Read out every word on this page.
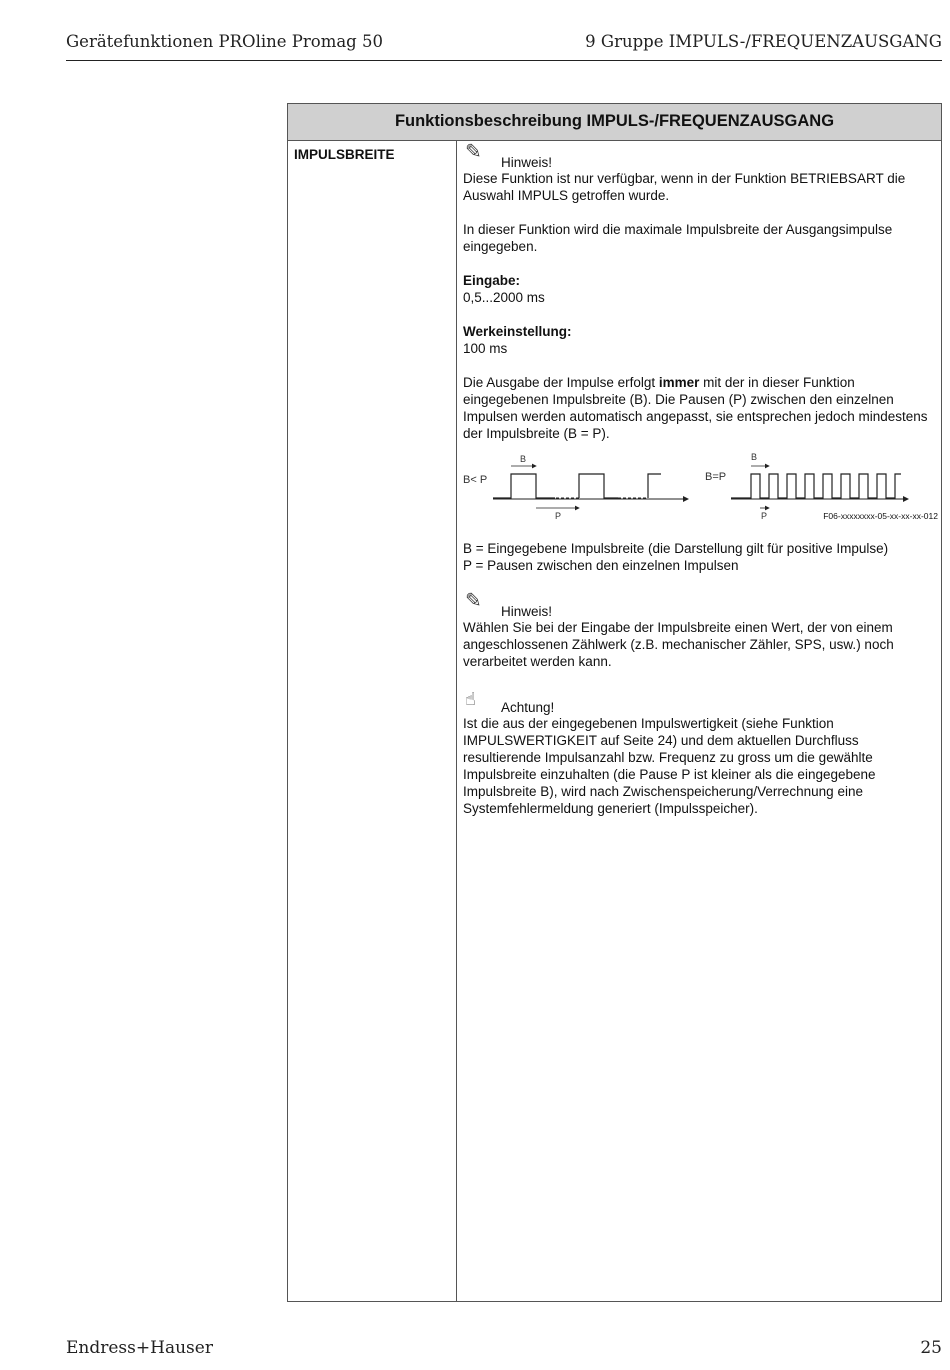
Gerätefunktionen PROline Promag 50	9 Gruppe IMPULS-/FREQUENZAUSGANG
Funktionsbeschreibung IMPULS-/FREQUENZAUSGANG
IMPULSBREITE	✎ Hinweis!

Diese Funktion ist nur verfügbar, wenn in der Funktion BETRIEBSART die Auswahl IMPULS getroffen wurde.

In dieser Funktion wird die maximale Impulsbreite der Ausgangsimpulse eingegeben.

Eingabe:

0,5...2000 ms

Werkeinstellung:

100 ms

Die Ausgabe der Impulse erfolgt immer mit der in dieser Funktion eingegebenen Impulsbreite (B). Die Pausen (P) zwischen den einzelnen Impulsen werden automatisch angepasst, sie entsprechen jedoch mindestens der Impulsbreite (B = P).

B< P
B
P
B=P
B
P	F06-xxxxxxxx-05-xx-xx-xx-012

B = Eingegebene Impulsbreite (die Darstellung gilt für positive Impulse)

P = Pausen zwischen den einzelnen Impulsen

✎ Hinweis!

Wählen Sie bei der Eingabe der Impulsbreite einen Wert, der von einem angeschlossenen Zählwerk (z.B. mechanischer Zähler, SPS, usw.) noch verarbeitet werden kann.

☝ Achtung!

Ist die aus der eingegebenen Impulswertigkeit (siehe Funktion IMPULSWERTIGKEIT auf Seite 24) und dem aktuellen Durchfluss resultierende Impulsanzahl bzw. Frequenz zu gross um die gewählte Impulsbreite einzuhalten (die Pause P ist kleiner als die eingegebene Impulsbreite B), wird nach Zwischenspeicherung/Verrechnung eine Systemfehlermeldung generiert (Impulsspeicher).

Endress+Hauser	25
